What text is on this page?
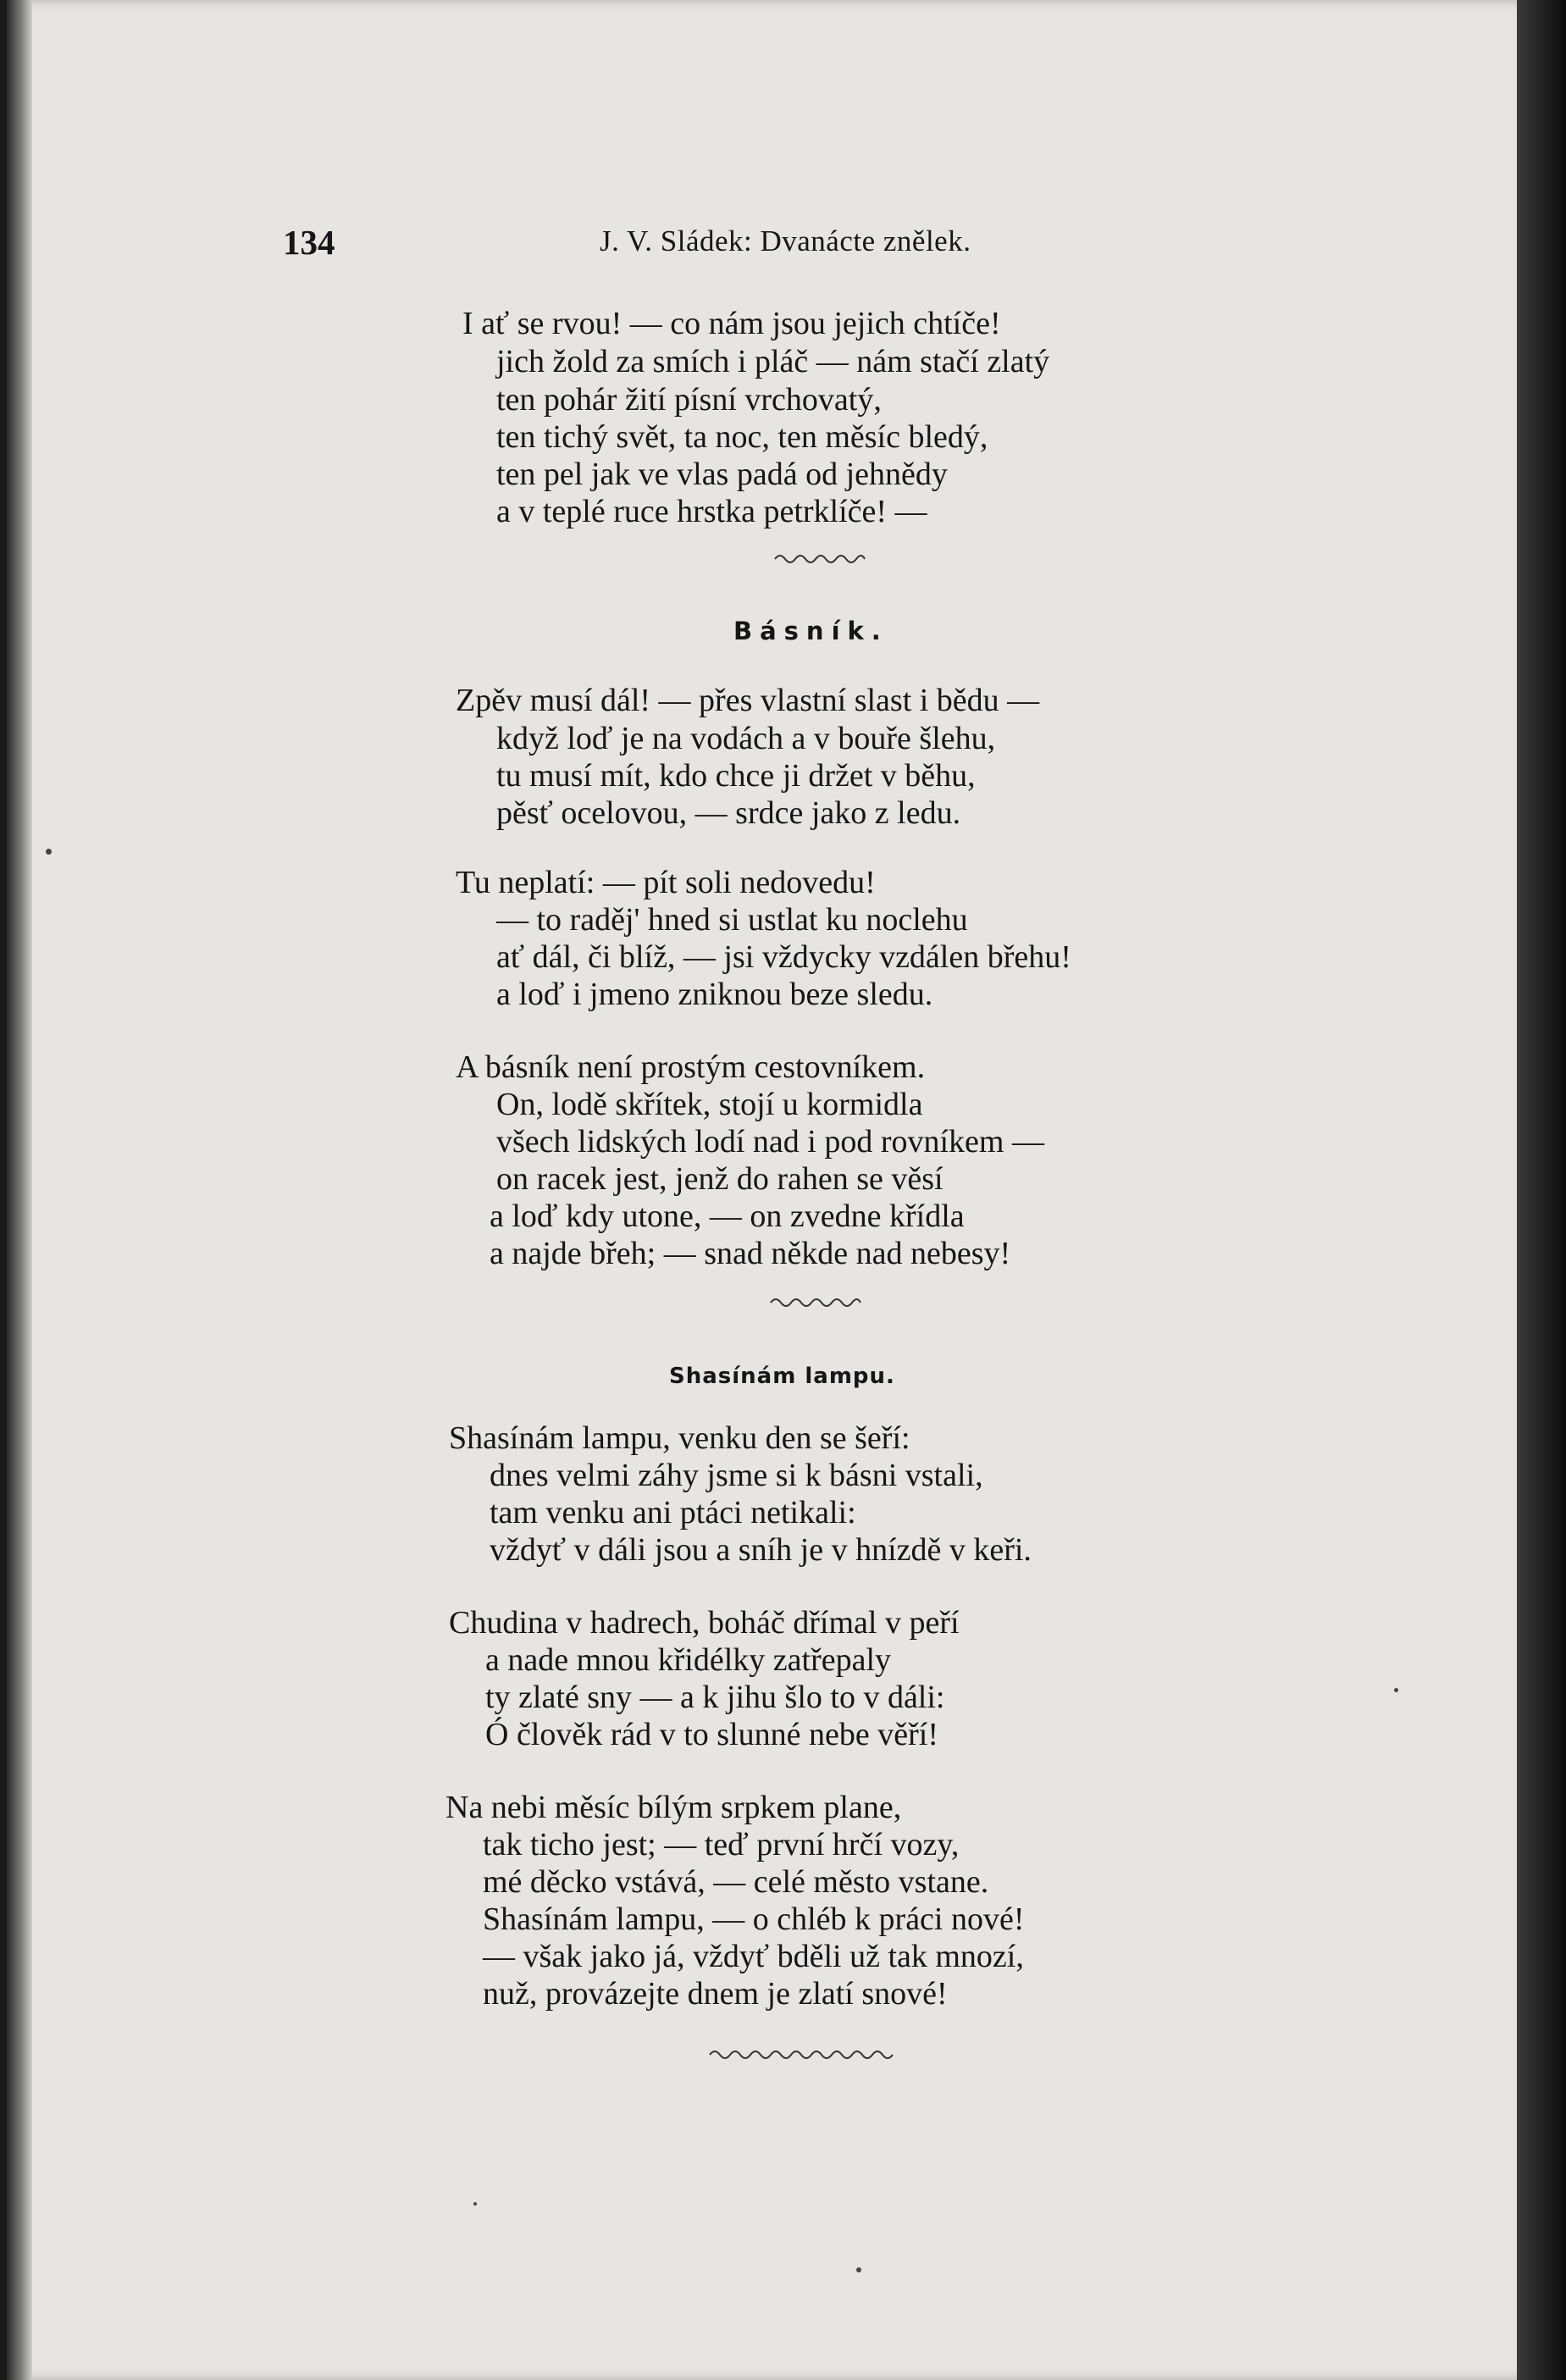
134	J. V. Sládek: Dvanácte znělek.
I ať se rvou! — co nám jsou jejich chtíče!
jich žold za smích i pláč — nám stačí zlatý
ten pohár žití písní vrchovatý,
ten tichý svět, ta noc, ten měsíc bledý,
ten pel jak ve vlas padá od jehnědy
a v teplé ruce hrstka petrklíče! —
Básník.
Zpěv musí dál! — přes vlastní slast i bědu —
když loď je na vodách a v bouře šlehu,
tu musí mít, kdo chce ji držet v běhu,
pěsť ocelovou, — srdce jako z ledu.
Tu neplatí: — pít soli nedovedu!
— to raděj' hned si ustlat ku noclehu
ať dál, či blíž, — jsi vždycky vzdálen břehu!
a loď i jmeno zniknou beze sledu.
A básník není prostým cestovníkem.
On, lodě skřítek, stojí u kormidla
všech lidských lodí nad i pod rovníkem —
on racek jest, jenž do rahen se věsí
a loď kdy utone, — on zvedne křídla
a najde břeh; — snad někde nad nebesy!
Shasínám lampu.
Shasínám lampu, venku den se šeří:
dnes velmi záhy jsme si k básni vstali,
tam venku ani ptáci netikali:
vždyť v dáli jsou a sníh je v hnízdě v keři.
Chudina v hadrech, boháč dřímal v peří
a nade mnou křidélky zatřepaly
ty zlaté sny — a k jihu šlo to v dáli:
Ó člověk rád v to slunné nebe věří!
Na nebi měsíc bílým srpkem plane,
tak ticho jest; — teď první hrčí vozy,
mé děcko vstává, — celé město vstane.
Shasínám lampu, — o chléb k práci nové!
— však jako já, vždyť bděli už tak mnozí,
nuž, provázejte dnem je zlatí snové!
